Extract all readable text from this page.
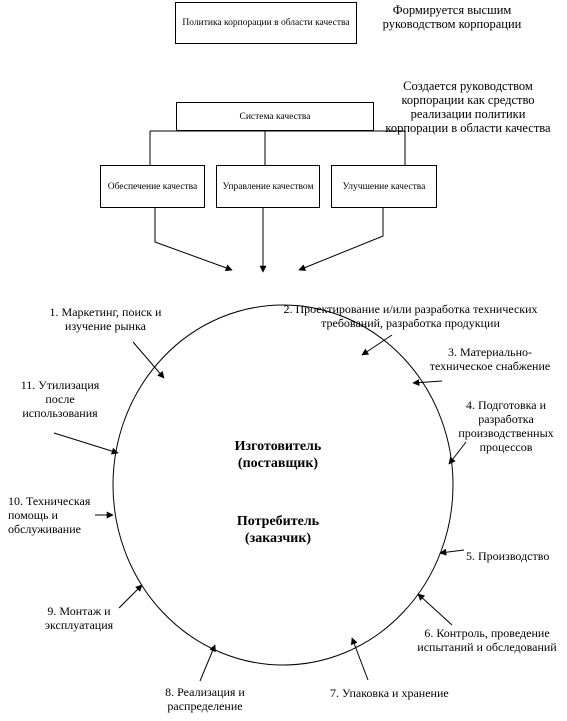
Политика корпорации в области качества
Формируется высшим руководством корпорации
Система качества
Создается руководством корпорации как средство реализации политики корпорации в области качества
Обеспечение качества	Управление качеством	Улучшение качества
Изготовитель (поставщик)
Потребитель (заказчик)
1. Маркетинг, поиск и изучение рынка
2. Проектирование и/или разработка технических требований, разработка продукции
3. Материально-техническое снабжение
4. Подготовка и разработка производственных процессов
5. Производство
6. Контроль, проведение испытаний и обследований
7. Упаковка и хранение
8. Реализация и распределение
9. Монтаж и эксплуатация
10. Техническая помощь и обслуживание
11. Утилизация после использования
